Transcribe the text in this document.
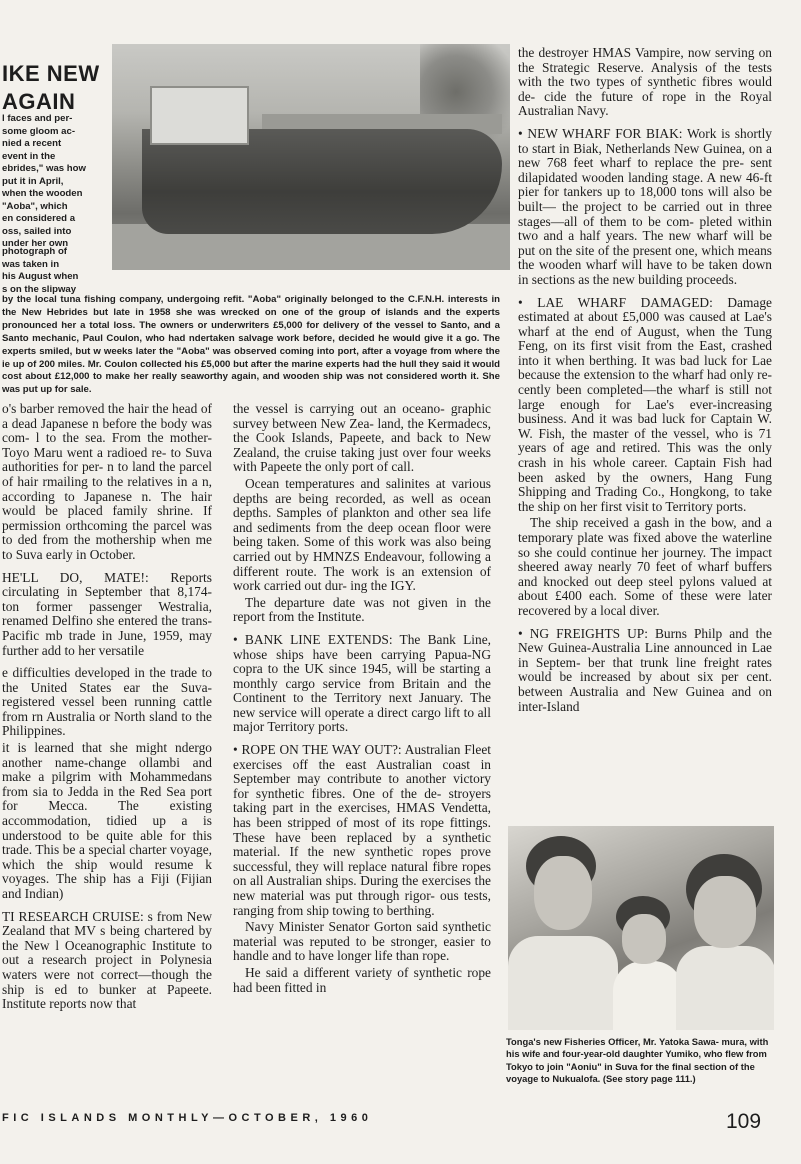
IKE NEW
AGAIN
l faces and per-
some gloom ac-
nied a recent
event in the
ebrides," was how
put it in April,
when the wooden
"Aoba", which
en considered a
oss, sailed into
under her own
photograph of
was taken in
his August when
s on the slipway
by the local tuna fishing company, undergoing refit. "Aoba" originally belonged to the C.F.N.H. interests in the New Hebrides but late in 1958 she was wrecked on one of the group of islands and the experts pronounced her a total loss. The owners or underwriters £5,000 for delivery of the vessel to Santo, and a Santo mechanic, Paul Coulon, who had ndertaken salvage work before, decided he would give it a go. The experts smiled, but w weeks later the "Aoba" was observed coming into port, after a voyage from where the ie up of 200 miles. Mr. Coulon collected his £5,000 but after the marine experts had the hull they said it would cost about £12,000 to make her really seaworthy again, and wooden ship was not considered worth it. She was put up for sale.

o's barber removed the hair the head of a dead Japanese n before the body was com- l to the sea. From the mother- Toyo Maru went a radioed re- to Suva authorities for per- n to land the parcel of hair rmailing to the relatives in a n, according to Japanese n. The hair would be placed family shrine. If permission orthcoming the parcel was to ded from the mothership when me to Suva early in October.

HE'LL DO, MATE!: Reports circulating in September that 8,174-ton former passenger Westralia, renamed Delfino she entered the trans-Pacific mb trade in June, 1959, may further add to her versatile

e difficulties developed in the trade to the United States ear the Suva-registered vessel been running cattle from rn Australia or North sland to the Philippines.

it is learned that she might ndergo another name-change ollambi and make a pilgrim with Mohammedans from sia to Jedda in the Red Sea port for Mecca. The existing accommodation, tidied up a is understood to be quite able for this trade. This be a special charter voyage, which the ship would resume k voyages. The ship has a Fiji (Fijian and Indian)

TI RESEARCH CRUISE: s from New Zealand that MV s being chartered by the New l Oceanographic Institute to out a research project in Polynesia waters were not correct—though the ship is ed to bunker at Papeete. Institute reports now that

the vessel is carrying out an oceano- graphic survey between New Zea- land, the Kermadecs, the Cook Islands, Papeete, and back to New Zealand, the cruise taking just over four weeks with Papeete the only port of call.

Ocean temperatures and salinites at various depths are being recorded, as well as ocean depths. Samples of plankton and other sea life and sediments from the deep ocean floor were being taken. Some of this work was also being carried out by HMNZS Endeavour, following a different route. The work is an extension of work carried out dur- ing the IGY.

The departure date was not given in the report from the Institute.

• BANK LINE EXTENDS: The Bank Line, whose ships have been carrying Papua-NG copra to the UK since 1945, will be starting a monthly cargo service from Britain and the Continent to the Territory next January. The new service will operate a direct cargo lift to all major Territory ports.

• ROPE ON THE WAY OUT?: Australian Fleet exercises off the east Australian coast in September may contribute to another victory for synthetic fibres. One of the de- stroyers taking part in the exercises, HMAS Vendetta, has been stripped of most of its rope fittings. These have been replaced by a synthetic material. If the new synthetic ropes prove successful, they will replace natural fibre ropes on all Australian ships. During the exercises the new material was put through rigor- ous tests, ranging from ship towing to berthing.

Navy Minister Senator Gorton said synthetic material was reputed to be stronger, easier to handle and to have longer life than rope.

He said a different variety of synthetic rope had been fitted in

the destroyer HMAS Vampire, now serving on the Strategic Reserve. Analysis of the tests with the two types of synthetic fibres would de- cide the future of rope in the Royal Australian Navy.

• NEW WHARF FOR BIAK: Work is shortly to start in Biak, Netherlands New Guinea, on a new 768 feet wharf to replace the pre- sent dilapidated wooden landing stage. A new 46-ft pier for tankers up to 18,000 tons will also be built— the project to be carried out in three stages—all of them to be com- pleted within two and a half years. The new wharf will be put on the site of the present one, which means the wooden wharf will have to be taken down in sections as the new building proceeds.

• LAE WHARF DAMAGED: Damage estimated at about £5,000 was caused at Lae's wharf at the end of August, when the Tung Feng, on its first visit from the East, crashed into it when berthing. It was bad luck for Lae because the extension to the wharf had only re- cently been completed—the wharf is still not large enough for Lae's ever-increasing business. And it was bad luck for Captain W. W. Fish, the master of the vessel, who is 71 years of age and retired. This was the only crash in his whole career. Captain Fish had been asked by the owners, Hang Fung Shipping and Trading Co., Hongkong, to take the ship on her first visit to Territory ports.

The ship received a gash in the bow, and a temporary plate was fixed above the waterline so she could continue her journey. The impact sheered away nearly 70 feet of wharf buffers and knocked out deep steel pylons valued at about £400 each. Some of these were later recovered by a local diver.

• NG FREIGHTS UP: Burns Philp and the New Guinea-Australia Line announced in Lae in Septem- ber that trunk line freight rates would be increased by about six per cent. between Australia and New Guinea and on inter-Island

Tonga's new Fisheries Officer, Mr. Yatoka Sawa- mura, with his wife and four-year-old daughter Yumiko, who flew from Tokyo to join "Aoniu" in Suva for the final section of the voyage to Nukualofa. (See story page 111.)
FIC ISLANDS MONTHLY—OCTOBER, 1960	109
